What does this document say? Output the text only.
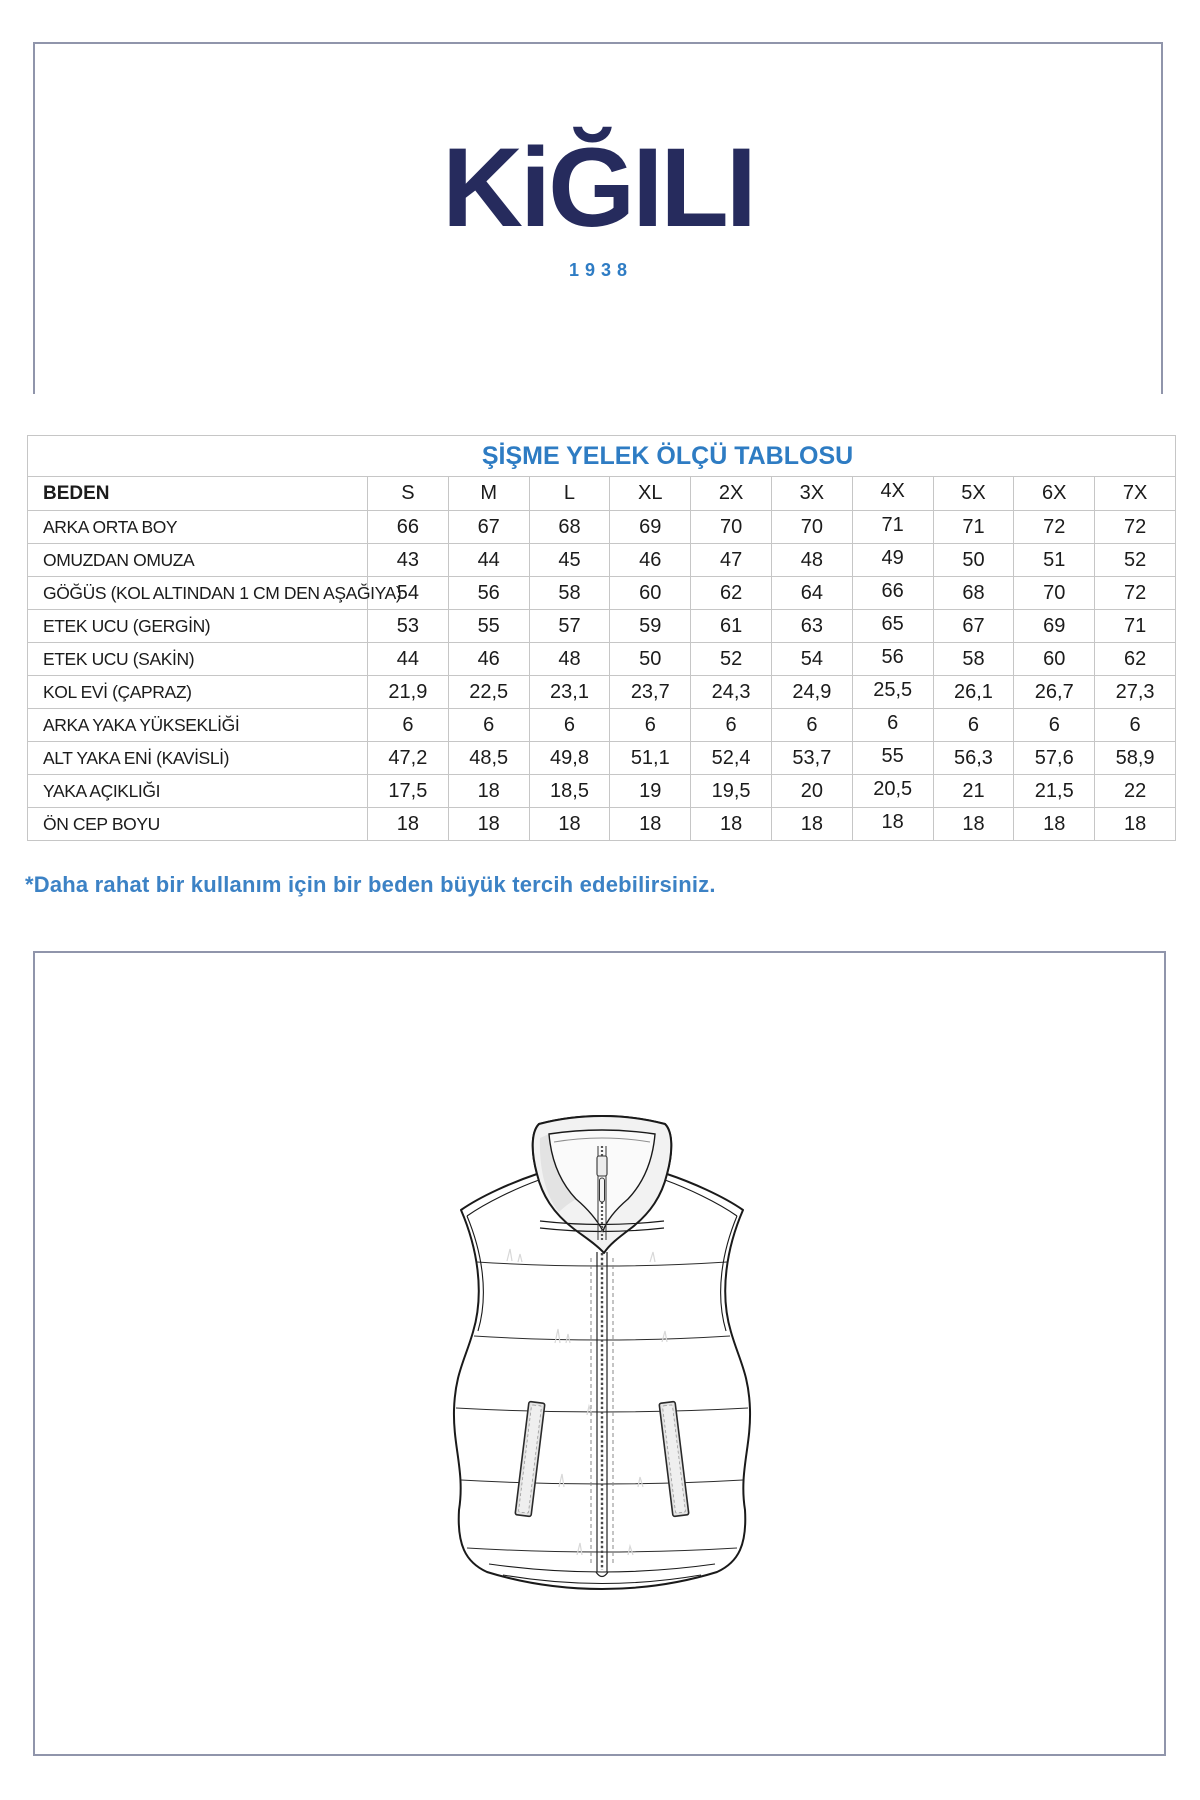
KiĞILI
1938
ŞİŞME YELEK ÖLÇÜ TABLOSU										
BEDEN	S	M	L	XL	2X	3X	4X	5X	6X	7X
ARKA ORTA BOY	66	67	68	69	70	70	71	71	72	72
OMUZDAN OMUZA	43	44	45	46	47	48	49	50	51	52
GÖĞÜS (KOL ALTINDAN 1 CM DEN AŞAĞIYA)	54	56	58	60	62	64	66	68	70	72
ETEK UCU (GERGİN)	53	55	57	59	61	63	65	67	69	71
ETEK UCU (SAKİN)	44	46	48	50	52	54	56	58	60	62
KOL EVİ (ÇAPRAZ)	21,9	22,5	23,1	23,7	24,3	24,9	25,5	26,1	26,7	27,3
ARKA YAKA YÜKSEKLİĞİ	6	6	6	6	6	6	6	6	6	6
ALT YAKA ENİ (KAVİSLİ)	47,2	48,5	49,8	51,1	52,4	53,7	55	56,3	57,6	58,9
YAKA AÇIKLIĞI	17,5	18	18,5	19	19,5	20	20,5	21	21,5	22
ÖN CEP BOYU	18	18	18	18	18	18	18	18	18	18
*Daha rahat bir kullanım için bir beden büyük tercih edebilirsiniz.
